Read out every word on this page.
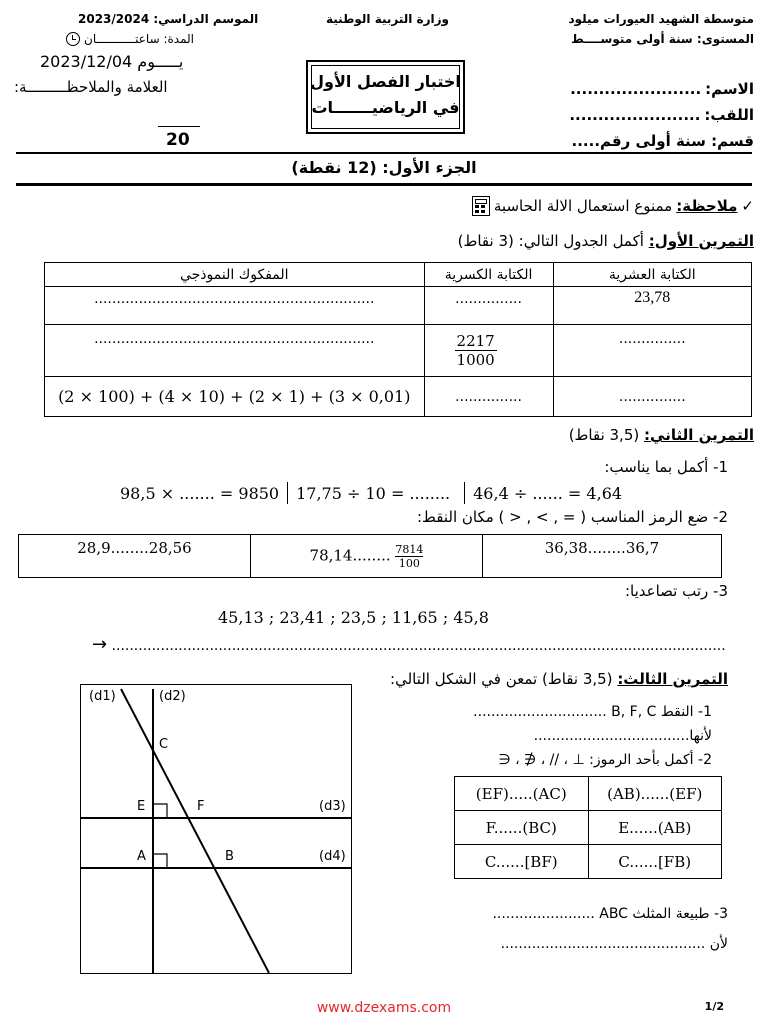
متوسطة الشهيد العيورات ميلود
المستوى: سنة أولى متوســــط
وزارة التربية الوطنية
الموسم الدراسي: 2023/2024
المدة: ساعتـــــــــــان
يـــــوم 2023/12/04
العلامة والملاحظـــــــــة:
20
اختبار الفصل الأول
في الرياضيـــــــات
الاسم:
.......................
اللقب:
.......................
قسم: سنة أولى رقم.....
الجزء الأول: (12 نقطة)
✓
ملاحظة:
ممنوع استعمال الالة الحاسبة
التمرين الأول: أكمل الجدول التالي: (3 نقاط)
المفكوك النموذجي	الكتابة الكسرية	الكتابة العشرية
...............................................................	...............	23,78
...............................................................	$\frac{2217}{1000}$	...............
(2 × 100) + (4 × 10) + (2 × 1) + (3 × 0,01)	...............	...............
التمرين الثاني: (3,5 نقاط)
1- أكمل بما يناسب:
98,5 × ....... = 9850 17,75 ÷ 10 = ........ 46,4 ÷ ...... = 4,64
2- ضع الرمز المناسب ( = , > , < ) مكان النقط:
28,9........28,56	78,14........ $\frac{7814}{100}$	36,38........36,7
3- رتب تصاعديا:
45,13 ; 23,41 ; 23,5 ; 11,65 ; 45,8
→ ..........................................................................................................................................
التمرين الثالث: (3,5 نقاط) تمعن في الشكل التالي:
1- النقط B, F, C ..............................
لأنها...................................
2- أكمل بأحد الرموز: ⊥ ، // ، ∉ ، ∈
(EF).....(AC)	(AB)......(EF)
F......(BC)	E......(AB)
C......[BF)	C......[FB)
3- طبيعة المثلث ABC .......................
لأن ..............................................
(d1)	(d2)
(d3)
(d4)
C
E	F
A	B
www.dzexams.com	1/2
